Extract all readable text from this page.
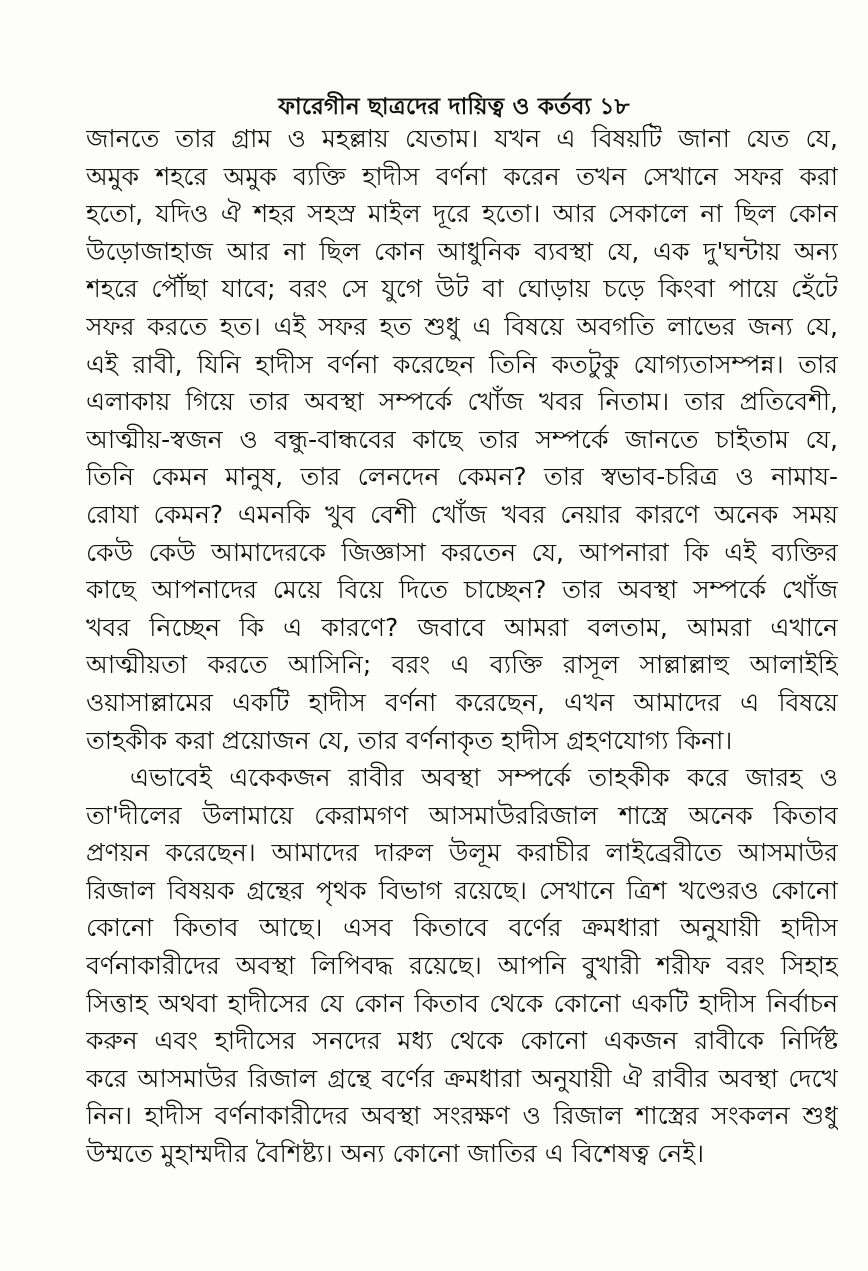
ফারেগীন ছাত্রদের দায়িত্ব ও কর্তব্য ১৮
জানতে তার গ্রাম ও মহল্লায় যেতাম। যখন এ বিষয়টি জানা যেত যে,
অমুক শহরে অমুক ব্যক্তি হাদীস বর্ণনা করেন তখন সেখানে সফর করা
হতো, যদিও ঐ শহর সহস্র মাইল দূরে হতো। আর সেকালে না ছিল কোন
উড়োজাহাজ আর না ছিল কোন আধুনিক ব্যবস্থা যে, এক দু'ঘন্টায় অন্য
শহরে পৌঁছা যাবে; বরং সে যুগে উট বা ঘোড়ায় চড়ে কিংবা পায়ে হেঁটে
সফর করতে হত। এই সফর হত শুধু এ বিষয়ে অবগতি লাভের জন্য যে,
এই রাবী, যিনি হাদীস বর্ণনা করেছেন তিনি কতটুকু যোগ্যতাসম্পন্ন। তার
এলাকায় গিয়ে তার অবস্থা সম্পর্কে খোঁজ খবর নিতাম। তার প্রতিবেশী,
আত্মীয়-স্বজন ও বন্ধু-বান্ধবের কাছে তার সম্পর্কে জানতে চাইতাম যে,
তিনি কেমন মানুষ, তার লেনদেন কেমন? তার স্বভাব-চরিত্র ও নামায-
রোযা কেমন? এমনকি খুব বেশী খোঁজ খবর নেয়ার কারণে অনেক সময়
কেউ কেউ আমাদেরকে জিজ্ঞাসা করতেন যে, আপনারা কি এই ব্যক্তির
কাছে আপনাদের মেয়ে বিয়ে দিতে চাচ্ছেন? তার অবস্থা সম্পর্কে খোঁজ
খবর নিচ্ছেন কি এ কারণে? জবাবে আমরা বলতাম, আমরা এখানে
আত্মীয়তা করতে আসিনি; বরং এ ব্যক্তি রাসূল সাল্লাল্লাহু আলাইহি
ওয়াসাল্লামের একটি হাদীস বর্ণনা করেছেন, এখন আমাদের এ বিষয়ে
তাহকীক করা প্রয়োজন যে, তার বর্ণনাকৃত হাদীস গ্রহণযোগ্য কিনা।
এভাবেই একেকজন রাবীর অবস্থা সম্পর্কে তাহকীক করে জারহ ও
তা'দীলের উলামায়ে কেরামগণ আসমাউররিজাল শাস্ত্রে অনেক কিতাব
প্রণয়ন করেছেন। আমাদের দারুল উলূম করাচীর লাইব্রেরীতে আসমাউর
রিজাল বিষয়ক গ্রন্থের পৃথক বিভাগ রয়েছে। সেখানে ত্রিশ খণ্ডেরও কোনো
কোনো কিতাব আছে। এসব কিতাবে বর্ণের ক্রমধারা অনুযায়ী হাদীস
বর্ণনাকারীদের অবস্থা লিপিবদ্ধ রয়েছে। আপনি বুখারী শরীফ বরং সিহাহ
সিত্তাহ অথবা হাদীসের যে কোন কিতাব থেকে কোনো একটি হাদীস নির্বাচন
করুন এবং হাদীসের সনদের মধ্য থেকে কোনো একজন রাবীকে নির্দিষ্ট
করে আসমাউর রিজাল গ্রন্থে বর্ণের ক্রমধারা অনুযায়ী ঐ রাবীর অবস্থা দেখে
নিন। হাদীস বর্ণনাকারীদের অবস্থা সংরক্ষণ ও রিজাল শাস্ত্রের সংকলন শুধু
উম্মতে মুহাম্মদীর বৈশিষ্ট্য। অন্য কোনো জাতির এ বিশেষত্ব নেই।
